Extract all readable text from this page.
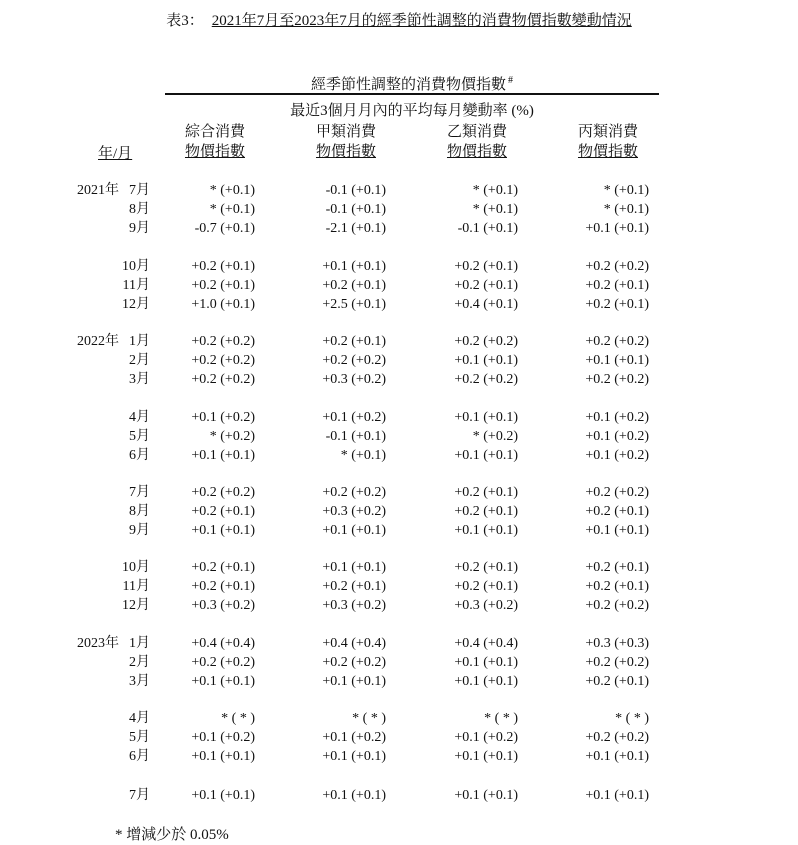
表3： 2021年7月至2023年7月的經季節性調整的消費物價指數變動情況
經季節性調整的消費物價指數 #
最近3個月月內的平均每月變動率 (%)
年/月
綜合消費
物價指數
甲類消費
物價指數
乙類消費
物價指數
丙類消費
物價指數
2021年 7月	* (+0.1)	-0.1 (+0.1)	* (+0.1)	* (+0.1)
8月	* (+0.1)	-0.1 (+0.1)	* (+0.1)	* (+0.1)
9月	-0.7 (+0.1)	-2.1 (+0.1)	-0.1 (+0.1)	+0.1 (+0.1)
10月	+0.2 (+0.1)	+0.1 (+0.1)	+0.2 (+0.1)	+0.2 (+0.2)
11月	+0.2 (+0.1)	+0.2 (+0.1)	+0.2 (+0.1)	+0.2 (+0.1)
12月	+1.0 (+0.1)	+2.5 (+0.1)	+0.4 (+0.1)	+0.2 (+0.1)
2022年 1月	+0.2 (+0.2)	+0.2 (+0.1)	+0.2 (+0.2)	+0.2 (+0.2)
2月	+0.2 (+0.2)	+0.2 (+0.2)	+0.1 (+0.1)	+0.1 (+0.1)
3月	+0.2 (+0.2)	+0.3 (+0.2)	+0.2 (+0.2)	+0.2 (+0.2)
4月	+0.1 (+0.2)	+0.1 (+0.2)	+0.1 (+0.1)	+0.1 (+0.2)
5月	* (+0.2)	-0.1 (+0.1)	* (+0.2)	+0.1 (+0.2)
6月	+0.1 (+0.1)	* (+0.1)	+0.1 (+0.1)	+0.1 (+0.2)
7月	+0.2 (+0.2)	+0.2 (+0.2)	+0.2 (+0.1)	+0.2 (+0.2)
8月	+0.2 (+0.1)	+0.3 (+0.2)	+0.2 (+0.1)	+0.2 (+0.1)
9月	+0.1 (+0.1)	+0.1 (+0.1)	+0.1 (+0.1)	+0.1 (+0.1)
10月	+0.2 (+0.1)	+0.1 (+0.1)	+0.2 (+0.1)	+0.2 (+0.1)
11月	+0.2 (+0.1)	+0.2 (+0.1)	+0.2 (+0.1)	+0.2 (+0.1)
12月	+0.3 (+0.2)	+0.3 (+0.2)	+0.3 (+0.2)	+0.2 (+0.2)
2023年 1月	+0.4 (+0.4)	+0.4 (+0.4)	+0.4 (+0.4)	+0.3 (+0.3)
2月	+0.2 (+0.2)	+0.2 (+0.2)	+0.1 (+0.1)	+0.2 (+0.2)
3月	+0.1 (+0.1)	+0.1 (+0.1)	+0.1 (+0.1)	+0.2 (+0.1)
4月	* ( * )	* ( * )	* ( * )	* ( * )
5月	+0.1 (+0.2)	+0.1 (+0.2)	+0.1 (+0.2)	+0.2 (+0.2)
6月	+0.1 (+0.1)	+0.1 (+0.1)	+0.1 (+0.1)	+0.1 (+0.1)
7月	+0.1 (+0.1)	+0.1 (+0.1)	+0.1 (+0.1)	+0.1 (+0.1)
* 增減少於 0.05%
